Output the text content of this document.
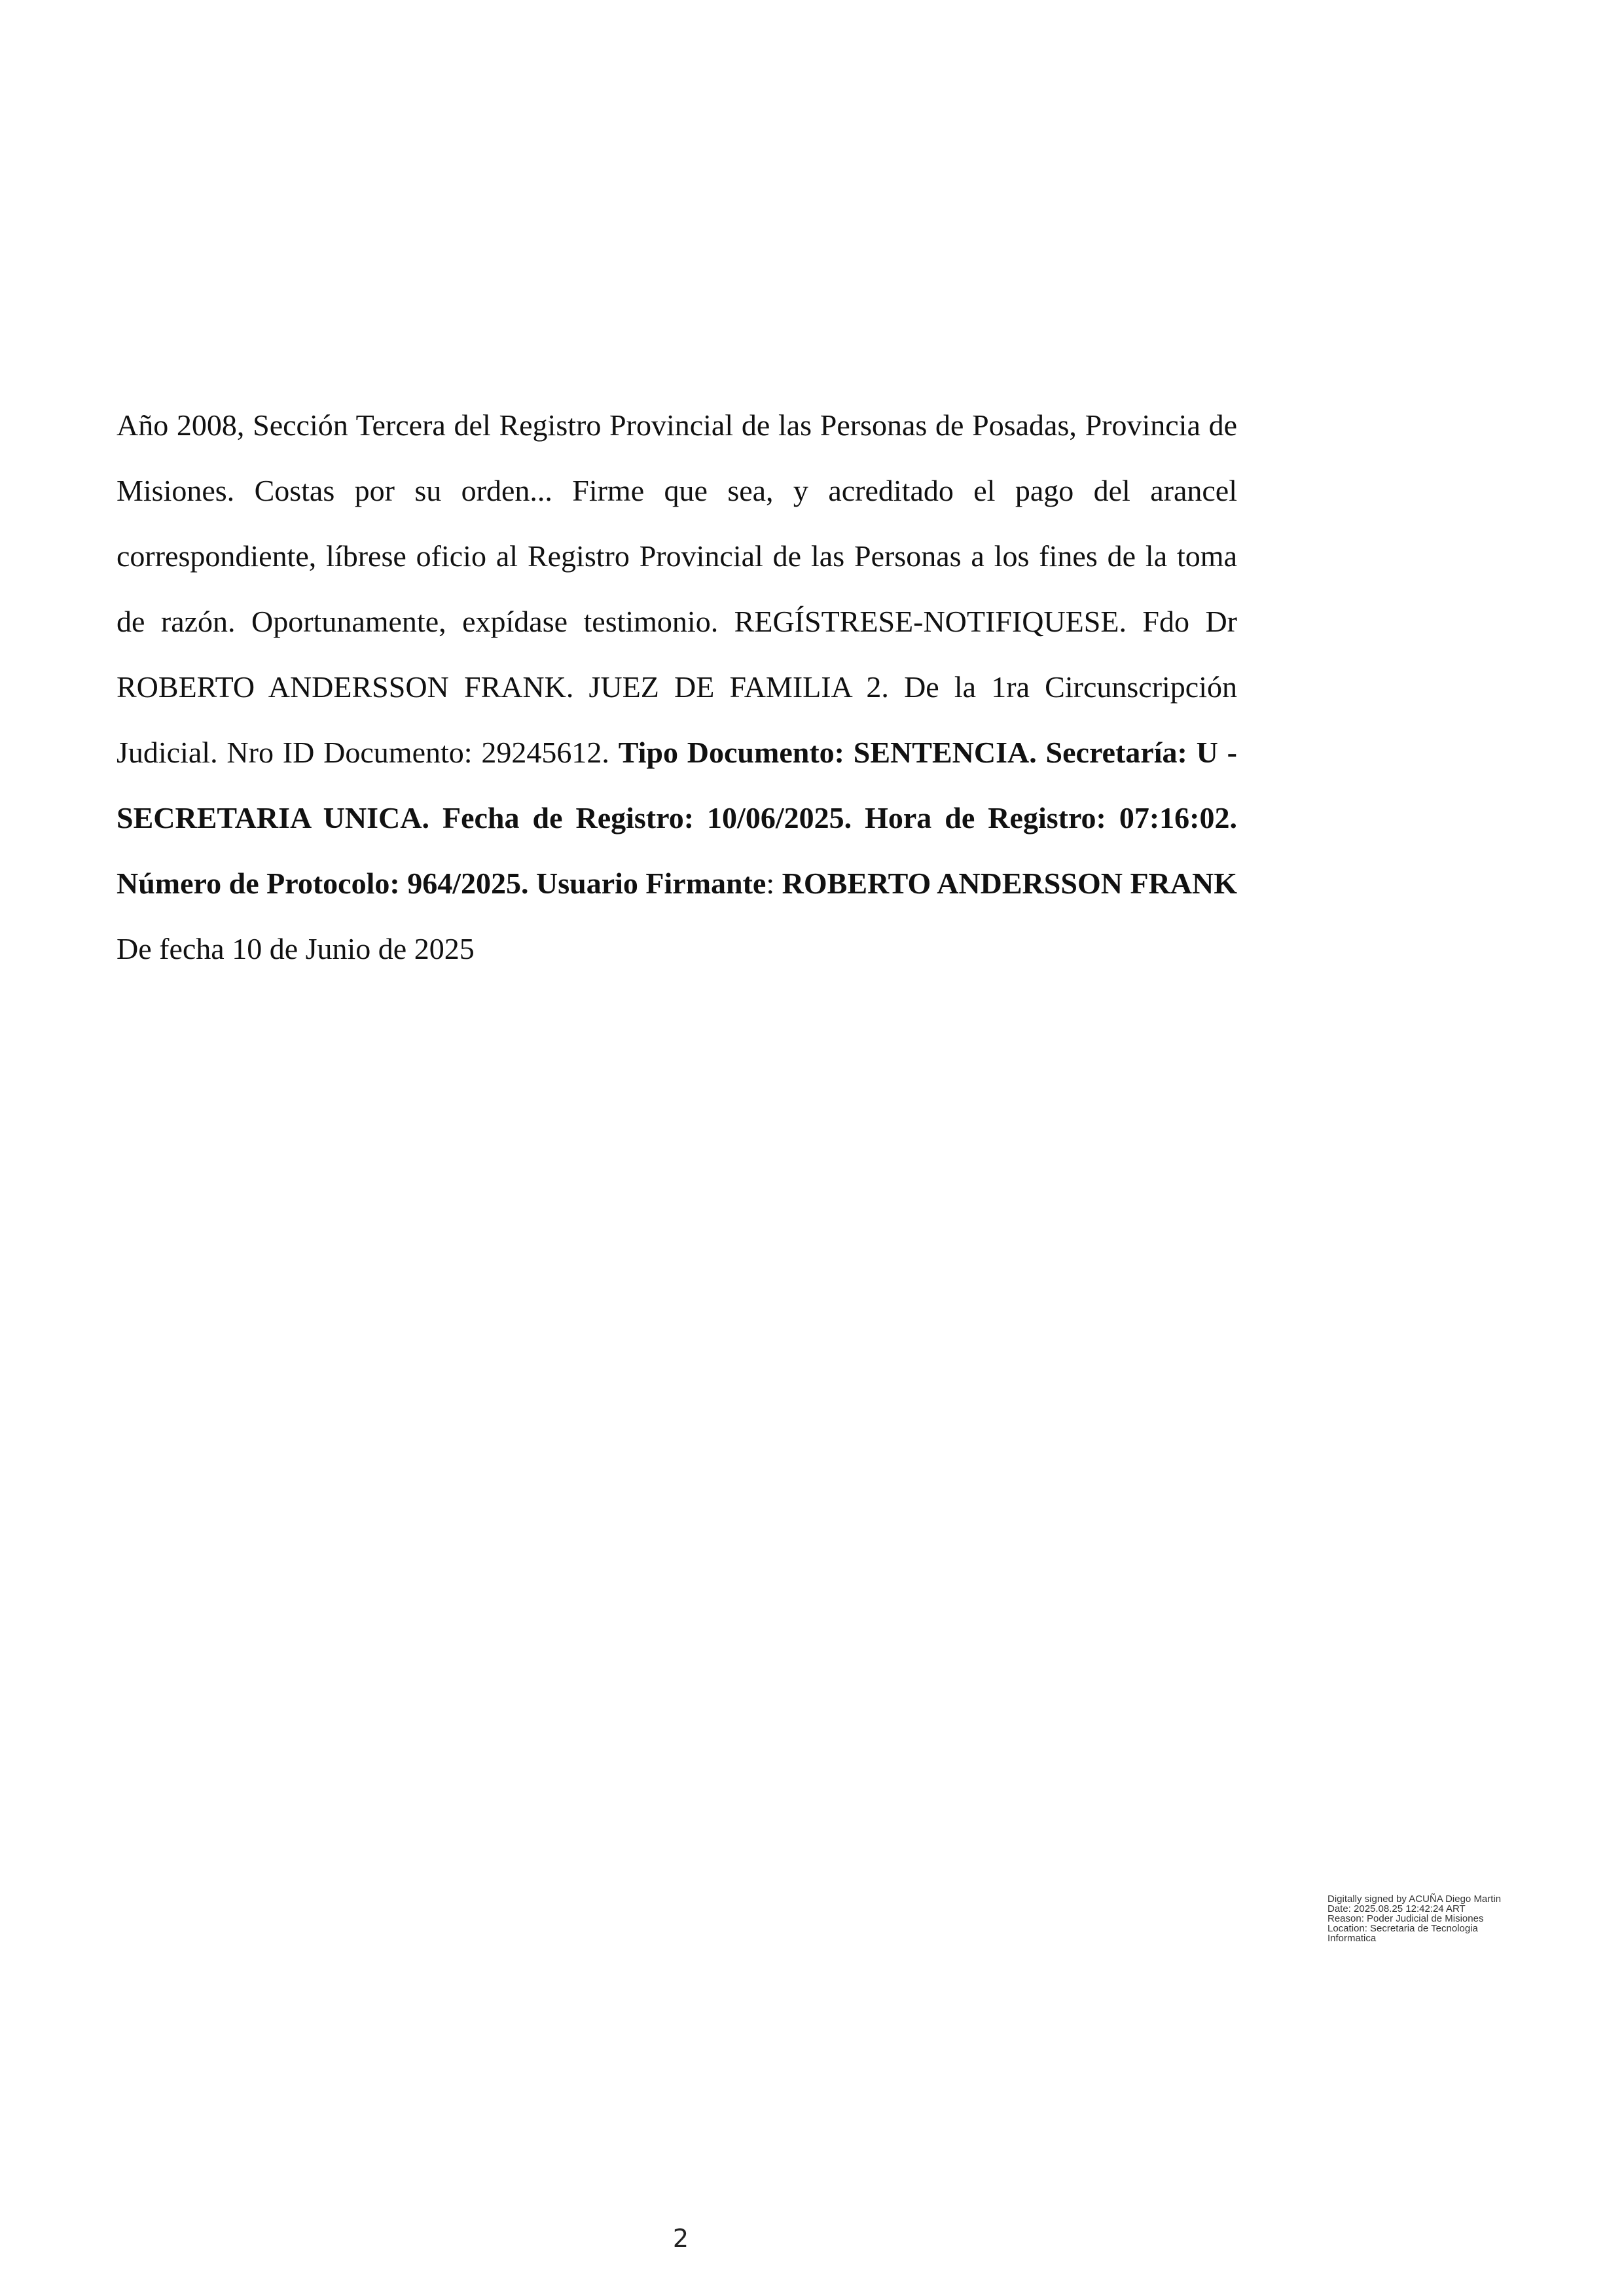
Año 2008, Sección Tercera del Registro Provincial de las Personas de Posadas, Provincia de Misiones. Costas por su orden... Firme que sea, y acreditado el pago del arancel correspondiente, líbrese oficio al Registro Provincial de las Personas a los fines de la toma de razón. Oportunamente, expídase testimonio. REGÍSTRESE-NOTIFIQUESE. Fdo Dr ROBERTO ANDERSSON FRANK. JUEZ DE FAMILIA 2. De la 1ra Circunscripción Judicial. Nro ID Documento: 29245612. Tipo Documento: SENTENCIA. Secretaría: U - SECRETARIA UNICA. Fecha de Registro: 10/06/2025. Hora de Registro: 07:16:02. Número de Protocolo: 964/2025. Usuario Firmante: ROBERTO ANDERSSON FRANK De fecha 10 de Junio de 2025

Digitally signed by ACUÑA Diego Martin
Date: 2025.08.25 12:42:24 ART
Reason: Poder Judicial de Misiones
Location: Secretaria de Tecnologia
Informatica
2
